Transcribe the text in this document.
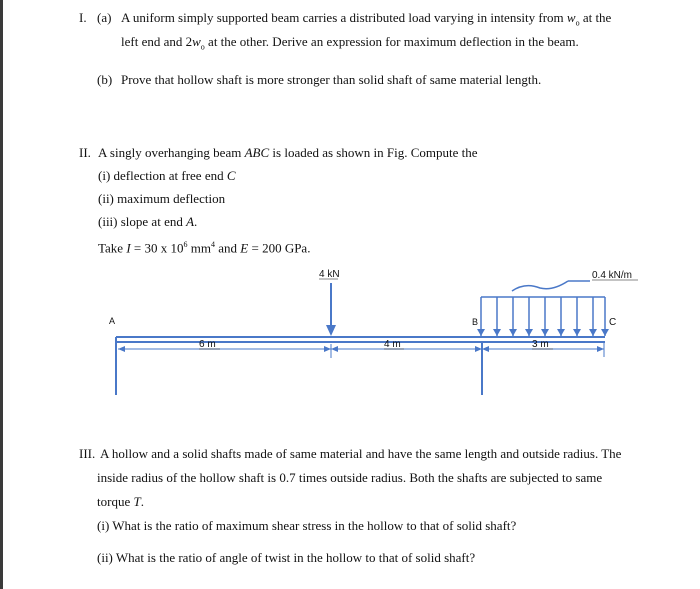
I. (a) A uniform simply supported beam carries a distributed load varying in intensity from $w_o$ at the
left end and $2w_o$ at the other. Derive an expression for maximum deflection in the beam.
(b) Prove that hollow shaft is more stronger than solid shaft of same material length.
II. A singly overhanging beam ABC is loaded as shown in Fig. Compute the
(i) deflection at free end C
(ii) maximum deflection
(iii) slope at end A.
Take I = 30 x $10^6$ $mm^4$ and E = 200 GPa.
4 kN	0.4 kN/m
A	B	C
6 m	4 m	3 m
III. A hollow and a solid shafts made of same material and have the same length and outside radius. The
inside radius of the hollow shaft is 0.7 times outside radius. Both the shafts are subjected to same
torque T.
(i) What is the ratio of maximum shear stress in the hollow to that of solid shaft?
(ii) What is the ratio of angle of twist in the hollow to that of solid shaft?
